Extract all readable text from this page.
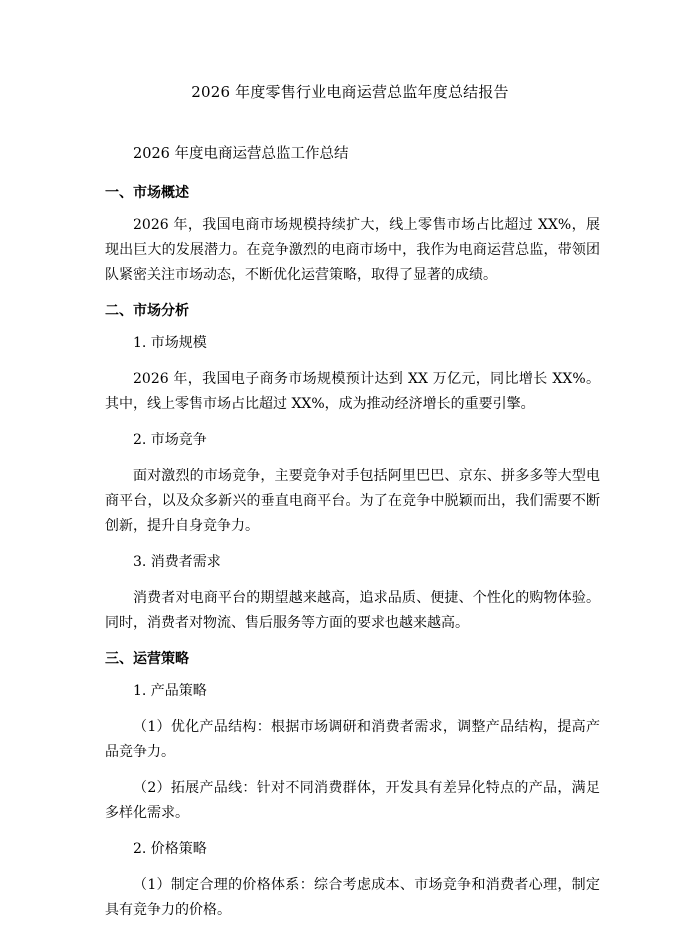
2026 年度零售行业电商运营总监年度总结报告

2026 年度电商运营总监工作总结

一、市场概述

2026 年，我国电商市场规模持续扩大，线上零售市场占比超过 XX%，展现出巨大的发展潜力。在竞争激烈的电商市场中，我作为电商运营总监，带领团队紧密关注市场动态，不断优化运营策略，取得了显著的成绩。

二、市场分析

1. 市场规模

2026 年，我国电子商务市场规模预计达到 XX 万亿元，同比增长 XX%。其中，线上零售市场占比超过 XX%，成为推动经济增长的重要引擎。

2. 市场竞争

面对激烈的市场竞争，主要竞争对手包括阿里巴巴、京东、拼多多等大型电商平台，以及众多新兴的垂直电商平台。为了在竞争中脱颖而出，我们需要不断创新，提升自身竞争力。

3. 消费者需求

消费者对电商平台的期望越来越高，追求品质、便捷、个性化的购物体验。同时，消费者对物流、售后服务等方面的要求也越来越高。

三、运营策略

1. 产品策略

（1）优化产品结构：根据市场调研和消费者需求，调整产品结构，提高产品竞争力。

（2）拓展产品线：针对不同消费群体，开发具有差异化特点的产品，满足多样化需求。

2. 价格策略

（1）制定合理的价格体系：综合考虑成本、市场竞争和消费者心理，制定具有竞争力的价格。
